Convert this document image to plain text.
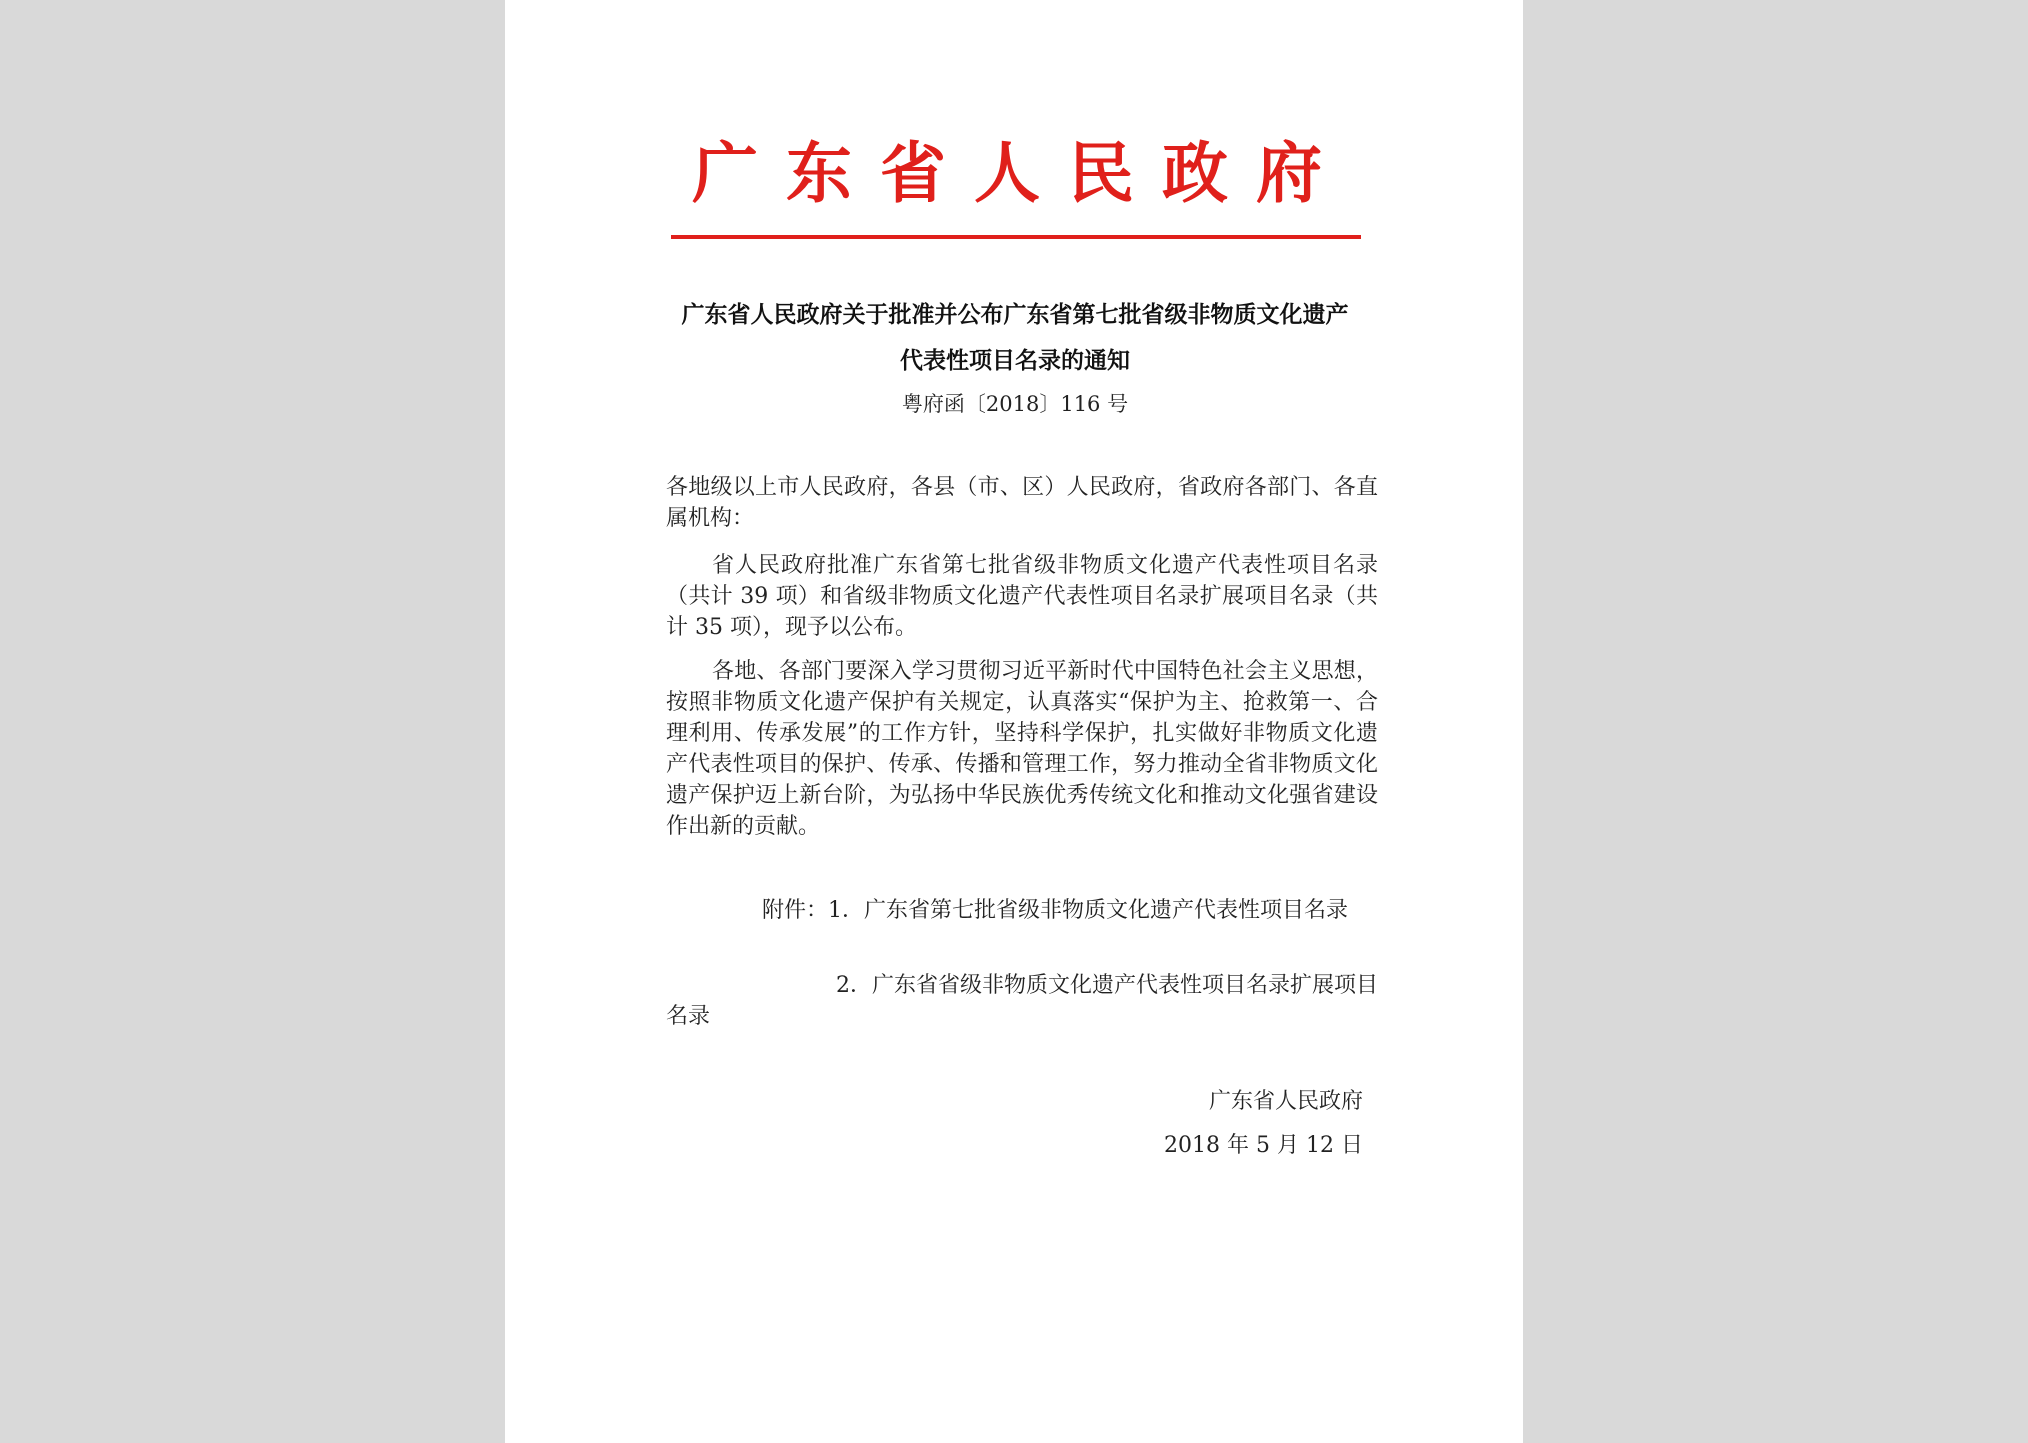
广东省人民政府
广东省人民政府关于批准并公布广东省第七批省级非物质文化遗产
代表性项目名录的通知
粤府函〔2018〕116 号

各地级以上市人民政府，各县（市、区）人民政府，省政府各部门、各直属机构：

省人民政府批准广东省第七批省级非物质文化遗产代表性项目名录（共计 39 项）和省级非物质文化遗产代表性项目名录扩展项目名录（共计 35 项），现予以公布。

各地、各部门要深入学习贯彻习近平新时代中国特色社会主义思想，按照非物质文化遗产保护有关规定，认真落实“保护为主、抢救第一、合理利用、传承发展”的工作方针，坚持科学保护，扎实做好非物质文化遗产代表性项目的保护、传承、传播和管理工作，努力推动全省非物质文化遗产保护迈上新台阶，为弘扬中华民族优秀传统文化和推动文化强省建设作出新的贡献。

附件：1．广东省第七批省级非物质文化遗产代表性项目名录

2．广东省省级非物质文化遗产代表性项目名录扩展项目名录

广东省人民政府
2018 年 5 月 12 日
